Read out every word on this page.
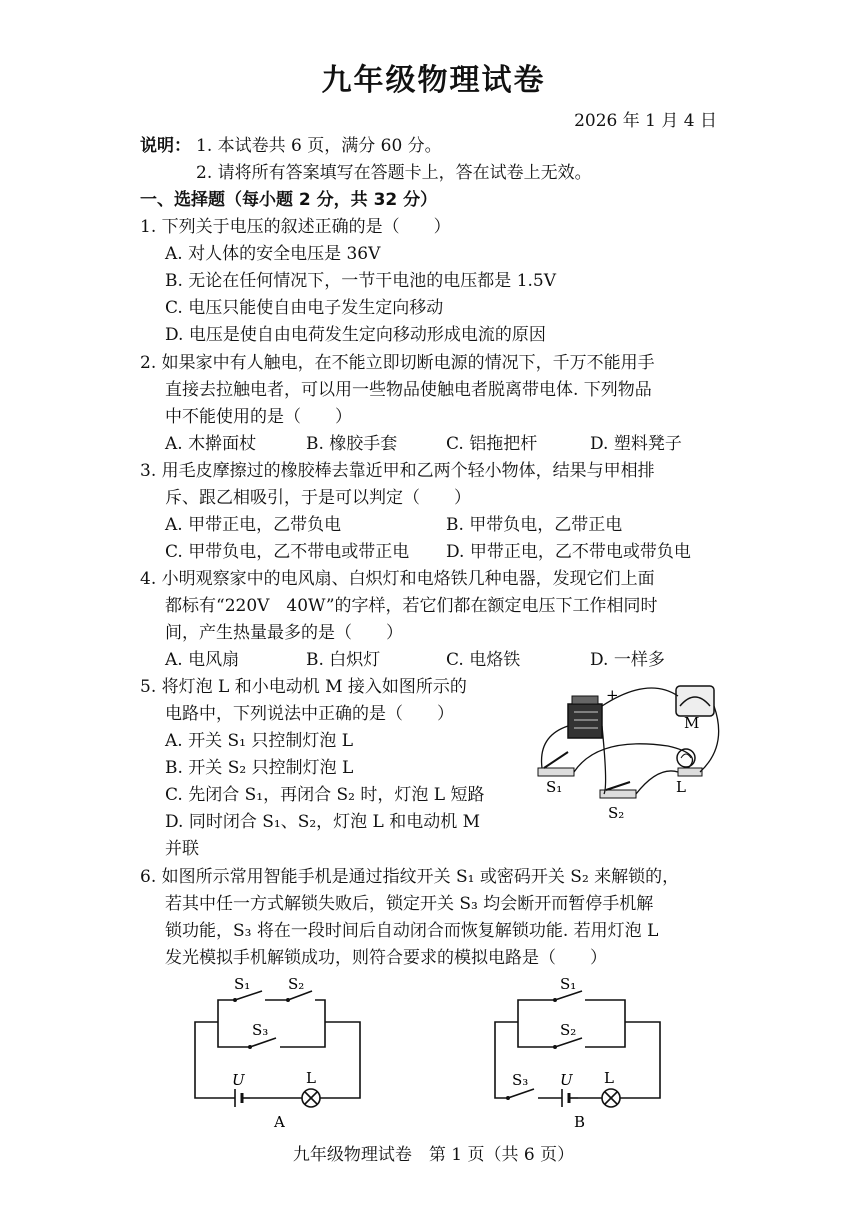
九年级物理试卷
2026 年 1 月 4 日
说明： 1. 本试卷共 6 页，满分 60 分。
2. 请将所有答案填写在答题卡上，答在试卷上无效。
一、选择题（每小题 2 分，共 32 分）
1. 下列关于电压的叙述正确的是（　　）
A. 对人体的安全电压是 36V
B. 无论在任何情况下，一节干电池的电压都是 1.5V
C. 电压只能使自由电子发生定向移动
D. 电压是使自由电荷发生定向移动形成电流的原因
2. 如果家中有人触电，在不能立即切断电源的情况下，千万不能用手
直接去拉触电者，可以用一些物品使触电者脱离带电体. 下列物品
中不能使用的是（　　）
A. 木擀面杖	B. 橡胶手套	C. 铝拖把杆	D. 塑料凳子
3. 用毛皮摩擦过的橡胶棒去靠近甲和乙两个轻小物体，结果与甲相排
斥、跟乙相吸引，于是可以判定（　　）
A. 甲带正电，乙带负电	B. 甲带负电，乙带正电
C. 甲带负电，乙不带电或带正电 D. 甲带正电，乙不带电或带负电
4. 小明观察家中的电风扇、白炽灯和电烙铁几种电器，发现它们上面
都标有“220V　40W”的字样，若它们都在额定电压下工作相同时
间，产生热量最多的是（　　）
A. 电风扇	B. 白炽灯	C. 电烙铁	D. 一样多
5. 将灯泡 L 和小电动机 M 接入如图所示的
电路中，下列说法中正确的是（　　）
A. 开关 S₁ 只控制灯泡 L
B. 开关 S₂ 只控制灯泡 L
C. 先闭合 S₁，再闭合 S₂ 时，灯泡 L 短路
D. 同时闭合 S₁、S₂，灯泡 L 和电动机 M
并联
+
M
L
S₁
S₂
6. 如图所示常用智能手机是通过指纹开关 S₁ 或密码开关 S₂ 来解锁的，
若其中任一方式解锁失败后，锁定开关 S₃ 均会断开而暂停手机解
锁功能，S₃ 将在一段时间后自动闭合而恢复解锁功能. 若用灯泡 L
发光模拟手机解锁成功，则符合要求的模拟电路是（　　）
S₁	S₂
S₃
U	L
A
S₁
S₂
S₃ U L
B
九年级物理试卷　第 1 页（共 6 页）
